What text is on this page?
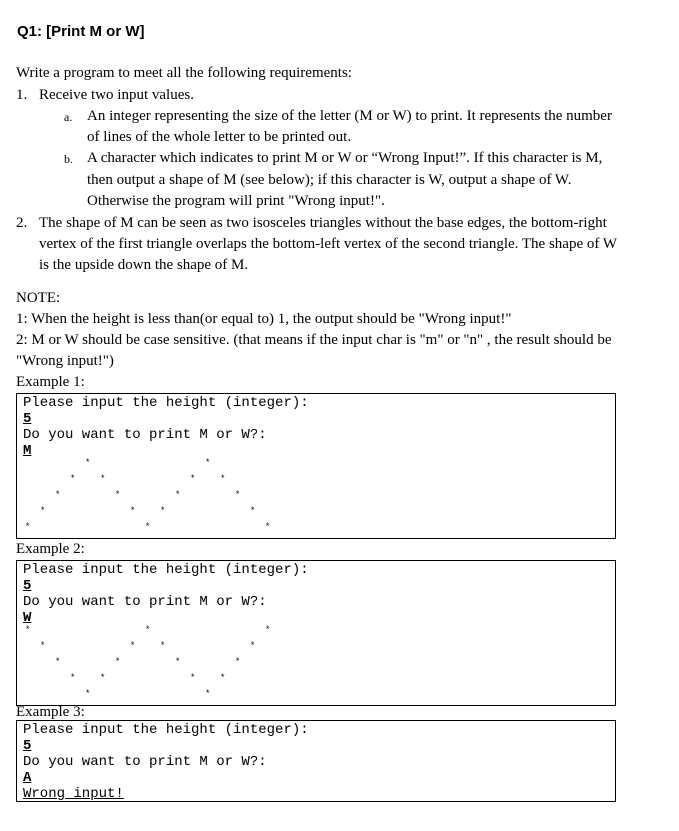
Q1: [Print M or W]
Write a program to meet all the following requirements:
1. Receive two input values.
a. An integer representing the size of the letter (M or W) to print. It represents the number
of lines of the whole letter to be printed out.
b. A character which indicates to print M or W or “Wrong Input!”. If this character is M,
then output a shape of M (see below); if this character is W, output a shape of W.
Otherwise the program will print "Wrong input!".
2. The shape of M can be seen as two isosceles triangles without the base edges, the bottom-right
vertex of the first triangle overlaps the bottom-left vertex of the second triangle. The shape of W
is the upside down the shape of M.
NOTE:
1: When the height is less than(or equal to) 1, the output should be "Wrong input!"
2: M or W should be case sensitive. (that means if the input char is "m" or "n" , the result should be
"Wrong input!")
Example 1:
Please input the height (integer):
5
Do you want to print M or W?:
M
*	*
*	*	*	*
*	*	*	*
*	*	*	*
*	*	*
Example 2:
Please input the height (integer):
5
Do you want to print M or W?:
W
*	*	*
*	*	*	*
*	*	*	*
*	*	*	*
*	*
Example 3:
Please input the height (integer):
5
Do you want to print M or W?:
A
Wrong input!
